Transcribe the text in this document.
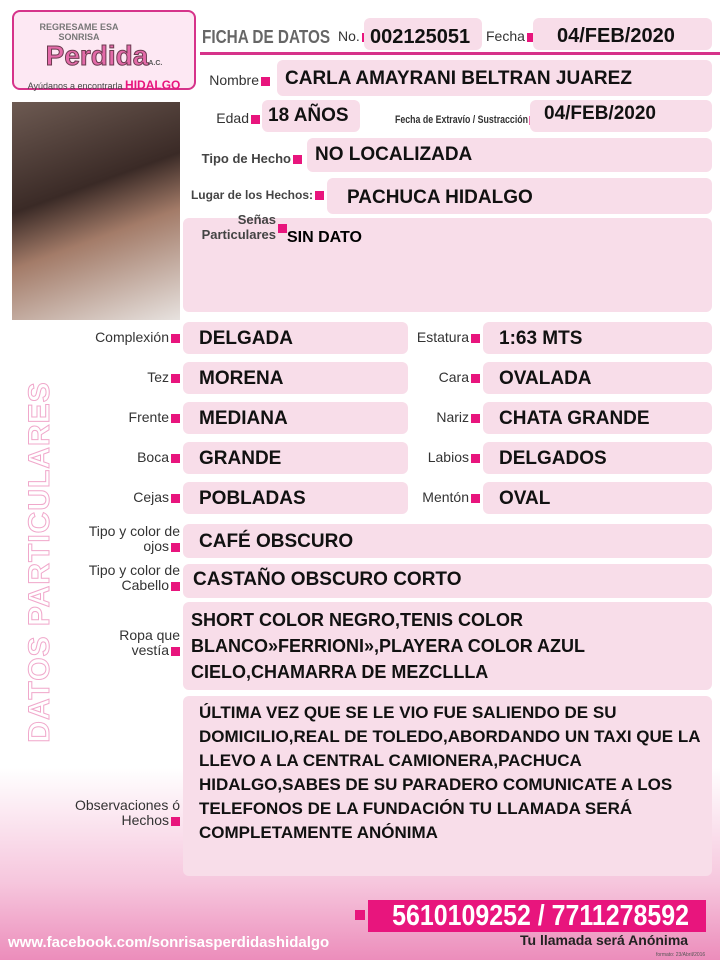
REGRESAME ESA SONRISA
PerdidaA.C.
Ayúdanos a encontrarla HIDALGO
FICHA DE DATOS No. 002125051	Fecha	04/FEB/2020
Nombre	CARLA AMAYRANI BELTRAN JUAREZ
Edad	18 AÑOS	Fecha de Extravío / Sustracción 04/FEB/2020
Tipo de Hecho	NO LOCALIZADA
Lugar de los Hechos:	PACHUCA HIDALGO
Señas Particulares SIN DATO
DATOS PARTICULARES
Complexión	DELGADA	Estatura	1:63 MTS
Tez	MORENA	Cara	OVALADA
Frente	MEDIANA	Nariz	CHATA GRANDE
Boca	GRANDE	Labios	DELGADOS
Cejas	POBLADAS	Mentón	OVAL
Tipo y color de ojos	CAFÉ OBSCURO
Tipo y color de Cabello	CASTAÑO OBSCURO CORTO
Ropa que vestía
SHORT COLOR NEGRO,TENIS COLOR BLANCO»FERRIONI»,PLAYERA COLOR AZUL CIELO,CHAMARRA DE MEZCLLLA
Observaciones ó Hechos
ÚLTIMA VEZ QUE SE LE VIO FUE SALIENDO DE SU DOMICILIO,REAL DE TOLEDO,ABORDANDO UN TAXI QUE LA LLEVO A LA CENTRAL CAMIONERA,PACHUCA HIDALGO,SABES DE SU PARADERO COMUNICATE A LOS TELEFONOS DE LA FUNDACIÓN TU LLAMADA SERÁ COMPLETAMENTE ANÓNIMA
5610109252 / 7711278592
Tu llamada será Anónima
formato: 23/Abril/2016
www.facebook.com/sonrisasperdidashidalgo
